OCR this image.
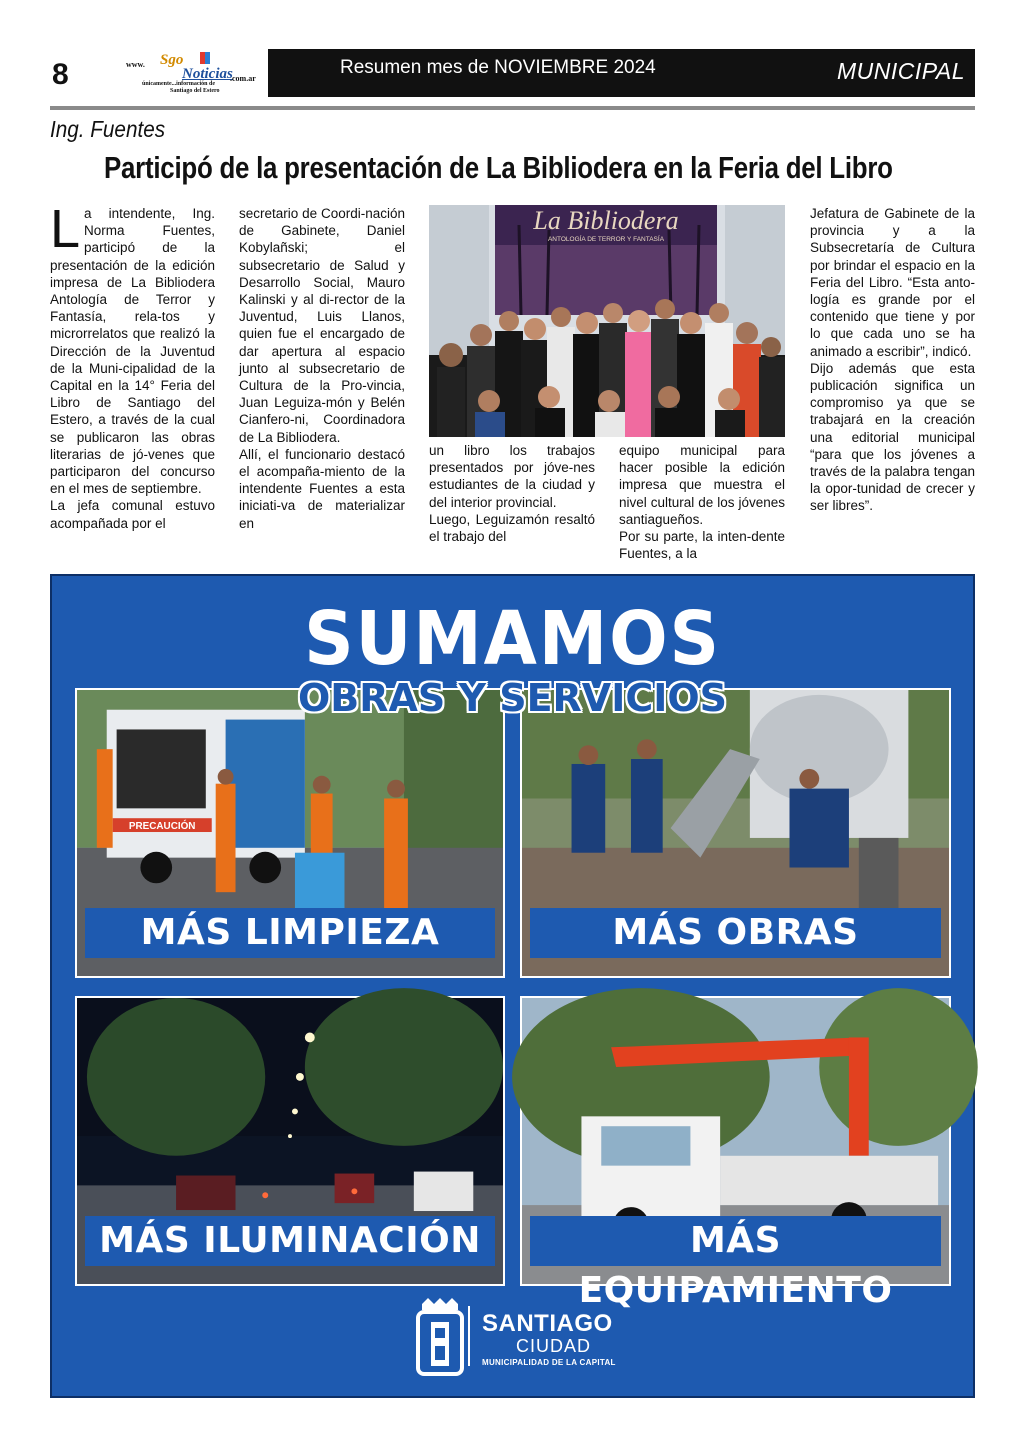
8	www. Sgo
Noticias
.com.ar
únicamente...información de
Santiago del Estero
Resumen mes de NOVIEMBRE 2024	MUNICIPAL
Ing. Fuentes
Participó de la presentación de La Bibliodera en la Feria del Libro
L a intendente, Ing. Norma Fuentes, participó de la presentación de la edición impresa de La Bibliodera Antología de Terror y Fantasía, rela-tos y microrrelatos que realizó la Dirección de la Juventud de la Muni-cipalidad de la Capital en la 14° Feria del Libro de Santiago del Estero, a través de la cual se publicaron las obras literarias de jó-venes que participaron del concurso en el mes de septiembre.

La jefa comunal estuvo acompañada por el

secretario de Coordi-nación de Gabinete, Daniel Kobylañski; el subsecretario de Salud y Desarrollo Social, Mauro Kalinski y al di-rector de la Juventud, Luis Llanos, quien fue el encargado de dar apertura al espacio junto al subsecretario de Cultura de la Pro-vincia, Juan Leguiza-món y Belén Cianfero-ni, Coordinadora de La Bibliodera.

Allí, el funcionario destacó el acompaña-miento de la intendente Fuentes a esta iniciati-va de materializar en

La Bibliodera
ANTOLOGÍA DE TERROR Y FANTASÍA

un libro los trabajos presentados por jóve-nes estudiantes de la ciudad y del interior provincial.

Luego, Leguizamón resaltó el trabajo del

equipo municipal para hacer posible la edición impresa que muestra el nivel cultural de los jóvenes santiagueños.

Por su parte, la inten-dente Fuentes, a la

Jefatura de Gabinete de la provincia y a la Subsecretaría de Cultura por brindar el espacio en la Feria del Libro. “Esta anto-logía es grande por el contenido que tiene y por lo que cada uno se ha animado a escribir”, indicó.

Dijo además que esta publicación significa un compromiso ya que se trabajará en la creación una editorial municipal “para que los jóvenes a través de la palabra tengan la opor-tunidad de crecer y ser libres”.

SUMAMOS
OBRAS Y SERVICIOS
PRECAUCIÓN
MÁS LIMPIEZA	MÁS OBRAS
MÁS ILUMINACIÓN	MÁS EQUIPAMIENTO
SANTIAGO
CIUDAD
MUNICIPALIDAD DE LA CAPITAL
